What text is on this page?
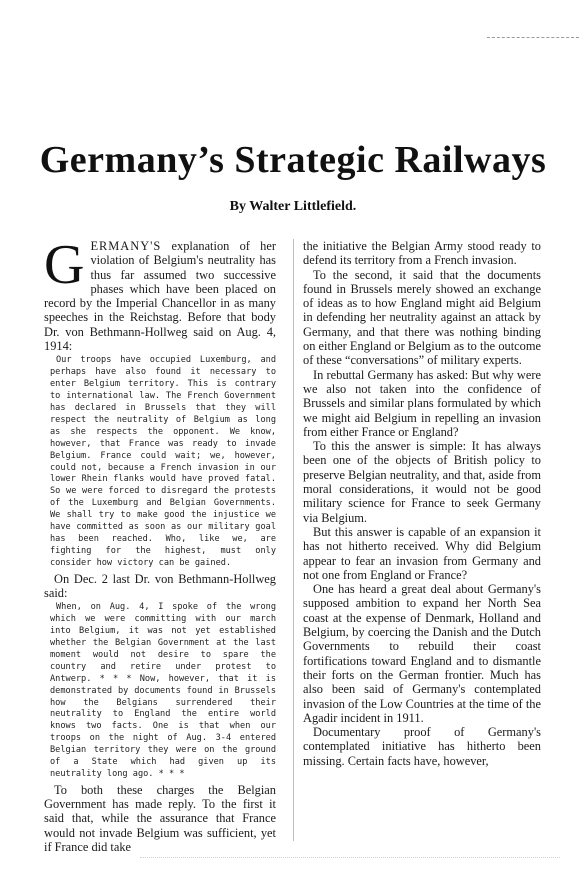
Germany’s Strategic Railways
By Walter Littlefield.

GERMANY'S explanation of her violation of Belgium's neutrality has thus far assumed two successive phases which have been placed on record by the Imperial Chancellor in as many speeches in the Reichstag. Before that body Dr. von Bethmann-Hollweg said on Aug. 4, 1914:

Our troops have occupied Luxemburg, and perhaps have also found it necessary to enter Belgium territory. This is contrary to international law. The French Government has declared in Brussels that they will respect the neutrality of Belgium as long as she respects the opponent. We know, however, that France was ready to invade Belgium. France could wait; we, however, could not, because a French invasion in our lower Rhein flanks would have proved fatal. So we were forced to disregard the protests of the Luxemburg and Belgian Governments. We shall try to make good the injustice we have committed as soon as our military goal has been reached. Who, like we, are fighting for the highest, must only consider how victory can be gained.

On Dec. 2 last Dr. von Bethmann-Hollweg said:

When, on Aug. 4, I spoke of the wrong which we were committing with our march into Belgium, it was not yet established whether the Belgian Government at the last moment would not desire to spare the country and retire under protest to Antwerp. * * * Now, however, that it is demonstrated by documents found in Brussels how the Belgians surrendered their neutrality to England the entire world knows two facts. One is that when our troops on the night of Aug. 3-4 entered Belgian territory they were on the ground of a State which had given up its neutrality long ago. * * *

To both these charges the Belgian Government has made reply. To the first it said that, while the assurance that France would not invade Belgium was sufficient, yet if France did take

the initiative the Belgian Army stood ready to defend its territory from a French invasion.

To the second, it said that the documents found in Brussels merely showed an exchange of ideas as to how England might aid Belgium in defending her neutrality against an attack by Germany, and that there was nothing binding on either England or Belgium as to the outcome of these “conversations” of military experts.

In rebuttal Germany has asked: But why were we also not taken into the confidence of Brussels and similar plans formulated by which we might aid Belgium in repelling an invasion from either France or England?

To this the answer is simple: It has always been one of the objects of British policy to preserve Belgian neutrality, and that, aside from moral considerations, it would not be good military science for France to seek Germany via Belgium.

But this answer is capable of an expansion it has not hitherto received. Why did Belgium appear to fear an invasion from Germany and not one from England or France?

One has heard a great deal about Germany's supposed ambition to expand her North Sea coast at the expense of Denmark, Holland and Belgium, by coercing the Danish and the Dutch Governments to rebuild their coast fortifications toward England and to dismantle their forts on the German frontier. Much has also been said of Germany's contemplated invasion of the Low Countries at the time of the Agadir incident in 1911.

Documentary proof of Germany's contemplated initiative has hitherto been missing. Certain facts have, however,
